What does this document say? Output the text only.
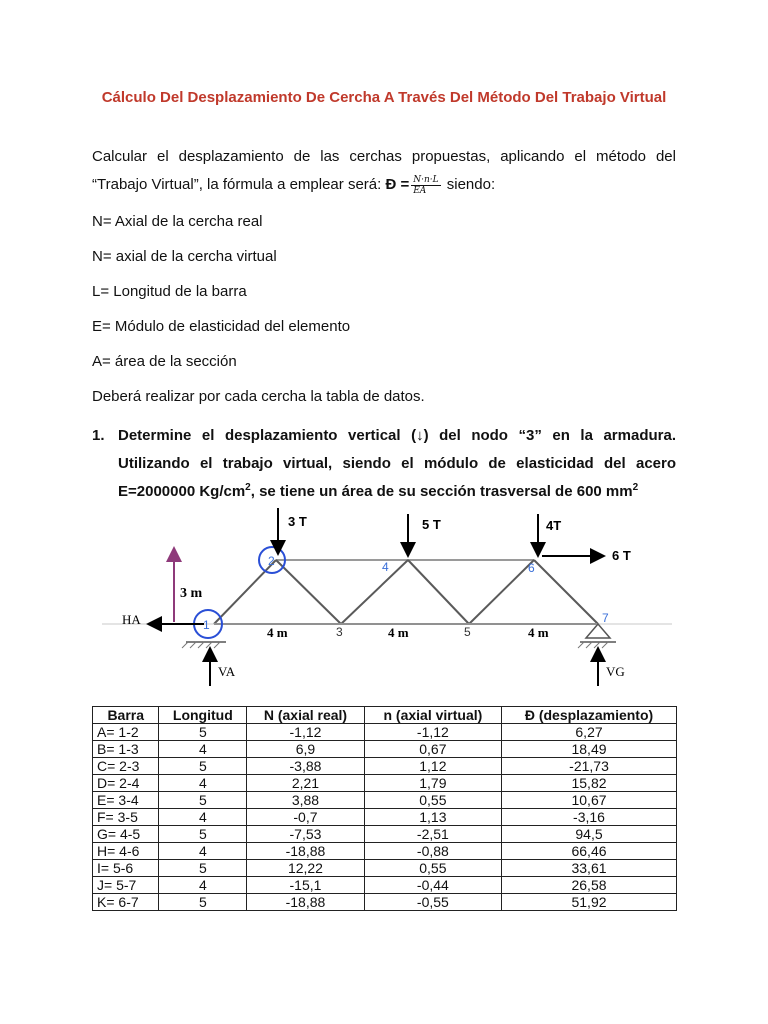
Cálculo Del Desplazamiento De Cercha A Través Del Método Del Trabajo Virtual
Calcular el desplazamiento de las cerchas propuestas, aplicando el método del “Trabajo Virtual”, la fórmula a emplear será: Đ = $\frac{N\cdot n\cdot L}{EA}$ siendo:
N= Axial de la cercha real
N= axial de la cercha virtual
L= Longitud de la barra
E= Módulo de elasticidad del elemento
A= área de la sección
Deberá realizar por cada cercha la tabla de datos.
1. Determine el desplazamiento vertical (↓) del nodo “3” en la armadura. Utilizando el trabajo virtual, siendo el módulo de elasticidad del acero E=2000000 $Kg/cm^2$, se tiene un área de su sección trasversal de 600 $mm^2$
1
2
3
4
5
6
7
3 m
3 T	5 T	4T
6 T
HA
VA	VG
4 m	4 m	4 m
Barra	Longitud	N (axial real)	n (axial virtual)	Đ (desplazamiento)
A= 1-2	5	-1,12	-1,12	6,27
B= 1-3	4	6,9	0,67	18,49
C= 2-3	5	-3,88	1,12	-21,73
D= 2-4	4	2,21	1,79	15,82
E= 3-4	5	3,88	0,55	10,67
F= 3-5	4	-0,7	1,13	-3,16
G= 4-5	5	-7,53	-2,51	94,5
H= 4-6	4	-18,88	-0,88	66,46
I= 5-6	5	12,22	0,55	33,61
J= 5-7	4	-15,1	-0,44	26,58
K= 6-7	5	-18,88	-0,55	51,92
